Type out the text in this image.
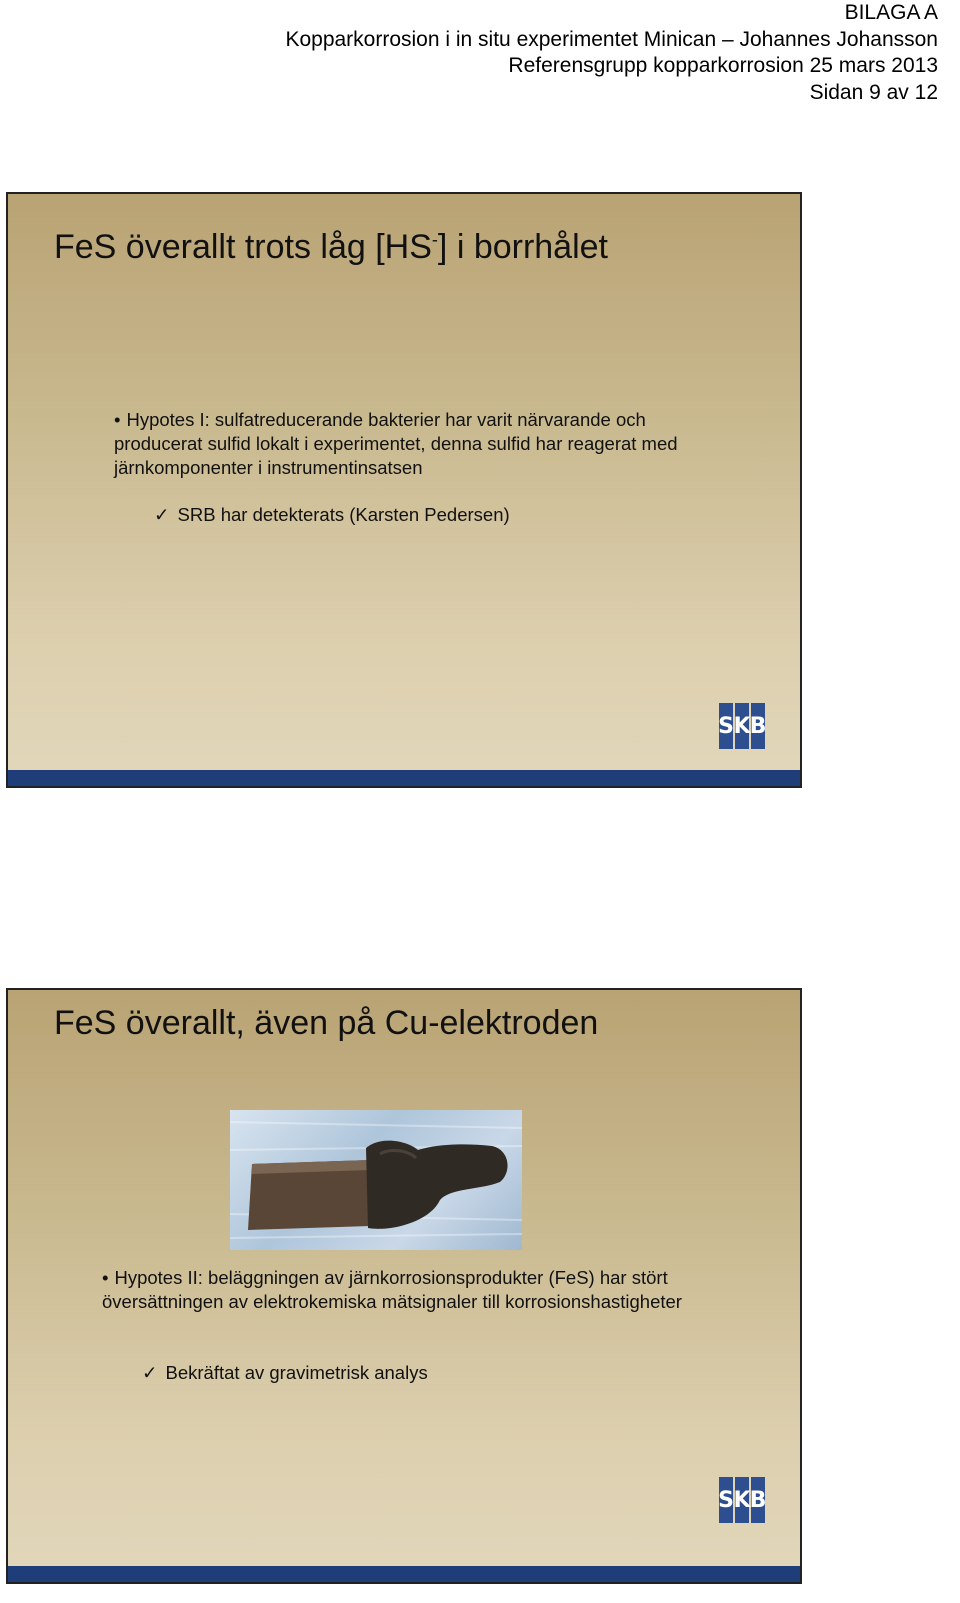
BILAGA A
Kopparkorrosion i in situ experimentet Minican – Johannes Johansson
Referensgrupp kopparkorrosion 25 mars 2013
Sidan 9 av 12
FeS överallt trots låg [HS-] i borrhålet
• Hypotes I: sulfatreducerande bakterier har varit närvarande och producerat sulfid lokalt i experimentet, denna sulfid har reagerat med järnkomponenter i instrumentinsatsen
✓ SRB har detekterats (Karsten Pedersen)
S K B
FeS överallt, även på Cu-elektroden
• Hypotes II: beläggningen av järnkorrosionsprodukter (FeS) har stört översättningen av elektrokemiska mätsignaler till korrosionshastigheter
✓ Bekräftat av gravimetrisk analys
S K B
